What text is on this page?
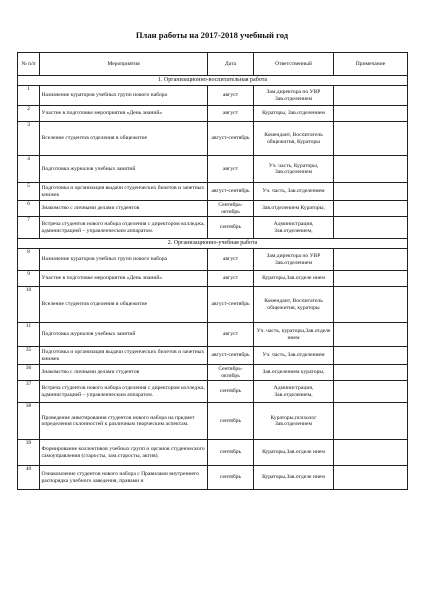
План работы на 2017-2018 учебный год
№ п/п	Мероприятия	Дата	Ответственный	Примечание
1. Организационно-воспитательная работа				
1	Назначение кураторов учебных групп нового набора	август	Зам.директора по УВР Зав.отделением	
2	Участие в подготовке мероприятия «День знаний»	август	Кураторы, Зав.отделением	
3	Вселение студентов отделения в общежитие	август-сентябрь	Комендант, Воспитатель общежития, Кураторы	
4	Подготовка журналов учебных занятий	август	Уч. часть, Кураторы, Зав.отделением	
5	Подготовка и организация выдачи студенческих билетов и зачетных книжек	август-сентябрь	Уч. часть, Зав.отделением	
6	Знакомство с личными делами студентов	Сентябрь-октябрь	Зав.отделением Кураторы,	
7	Встреча студентов нового набора отделения с директором колледжа, администрацией – управленческим аппаратом.	сентябрь	Администрация, Зав.отделением,	
2. Организационно-учебная работа				
8	Назначение кураторов учебных групп нового набора	август	Зам.директора по УВР Зав.отделением	
9	Участие в подготовке мероприятия «День знаний»	август	Кураторы,Зав.отделе нием	
10	Вселение студентов отделения в общежитие	август-сентябрь	Комендант, Воспитатель общежития, кураторы	
11	Подготовка журналов учебных занятий	август	Уч. часть, кураторы,Зав.отделе нием	
35	Подготовка и организация выдачи студенческих билетов и зачетных книжек	август-сентябрь	Уч. часть, Зав.отделением	
36	Знакомство с личными делами студентов	Сентябрь-октябрь	Зав.отделением кураторы,	
37	Встреча студентов нового набора отделения с директором колледжа, администрацией – управленческим аппаратом.	сентябрь	Администрация, Зав.отделением,	
38	Проведение анкетирования студентов нового набора на предмет определения склонностей к различным творческим аспектам.	сентябрь	Кураторы,психолог Зав.отделением	
39	Формирование коллективов учебных групп и органов студенческого самоуправления (старосты, зам.старосты, актив).	сентябрь	Кураторы,Зав.отделе нием	
40	Ознакомление студентов нового набора с Правилами внутреннего распорядка учебного заведения, правами и	сентябрь	Кураторы,Зав.отделе нием	
